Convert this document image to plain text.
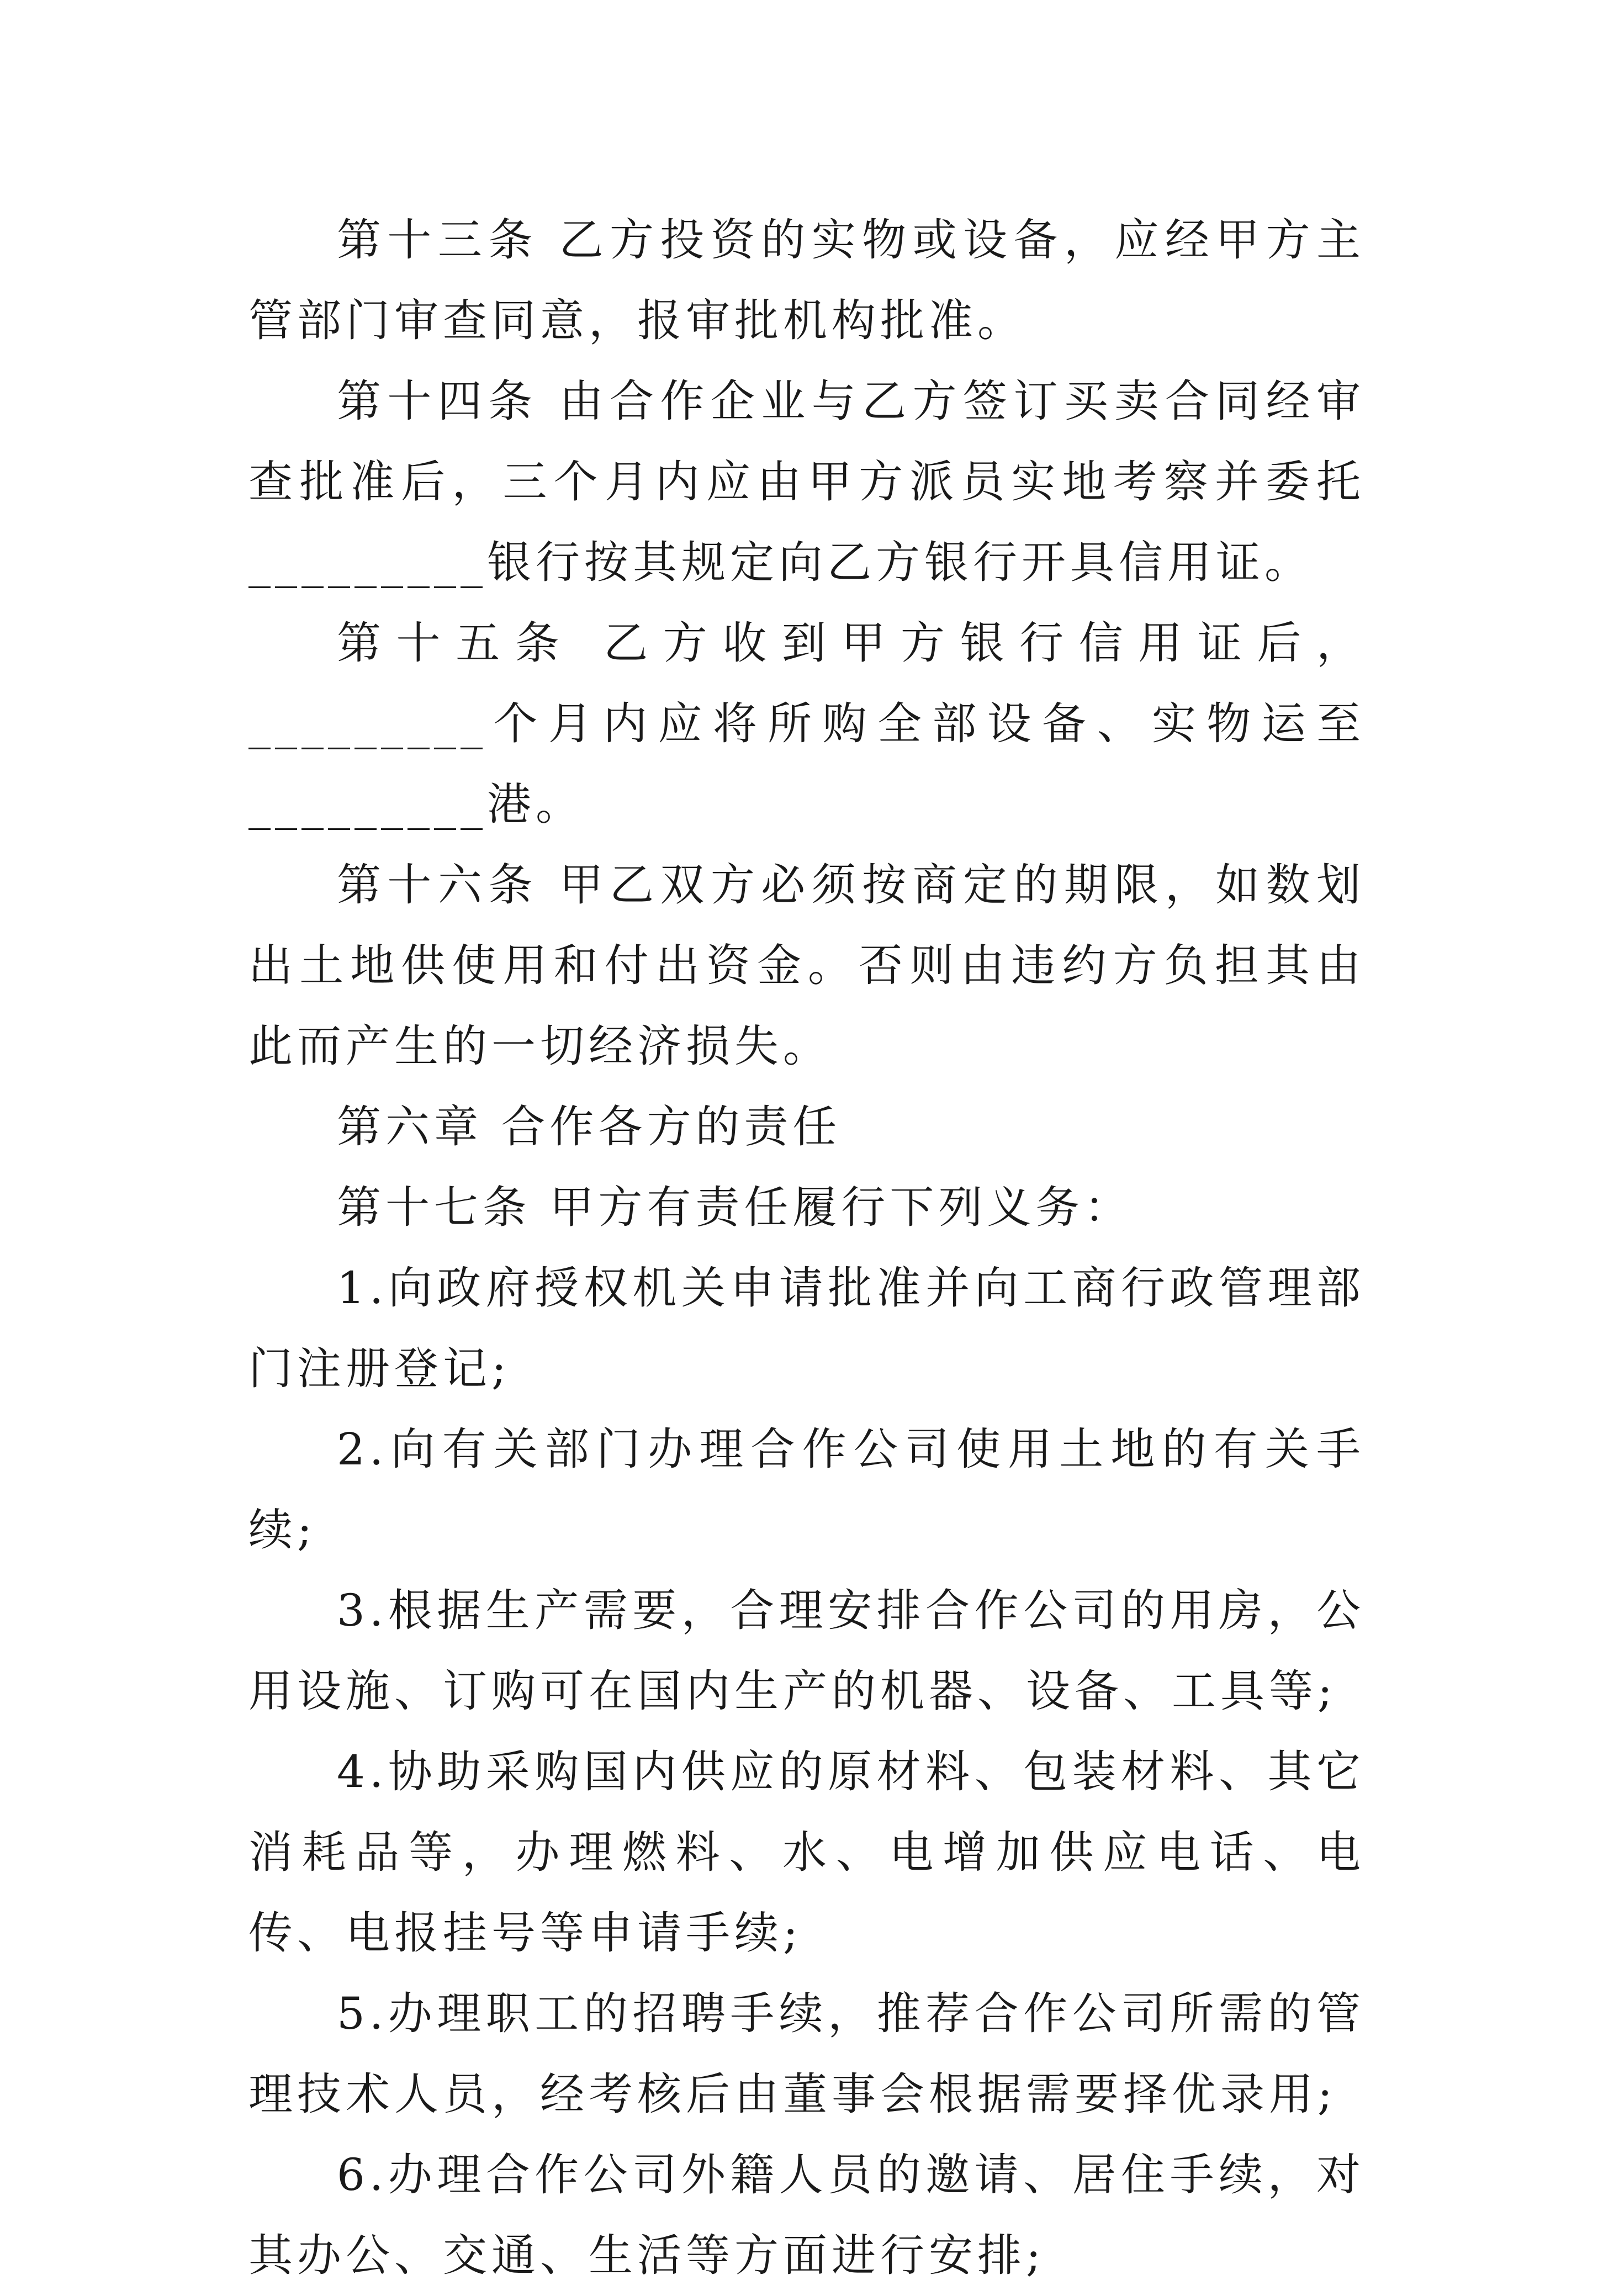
第十三条 乙方投资的实物或设备，应经甲方主管部门审查同意，报审批机构批准。

第十四条 由合作企业与乙方签订买卖合同经审查批准后，三个月内应由甲方派员实地考察并委托_________银行按其规定向乙方银行开具信用证。

第十五条 乙方收到甲方银行信用证后，_________个月内应将所购全部设备、实物运至_________港。

第十六条 甲乙双方必须按商定的期限，如数划出土地供使用和付出资金。否则由违约方负担其由此而产生的一切经济损失。

第六章 合作各方的责任

第十七条 甲方有责任履行下列义务：

1.向政府授权机关申请批准并向工商行政管理部门注册登记;

2.向有关部门办理合作公司使用土地的有关手续;

3.根据生产需要，合理安排合作公司的用房，公用设施、订购可在国内生产的机器、设备、工具等;

4.协助采购国内供应的原材料、包装材料、其它消耗品等，办理燃料、水、电增加供应电话、电传、电报挂号等申请手续;

5.办理职工的招聘手续，推荐合作公司所需的管理技术人员，经考核后由董事会根据需要择优录用;

6.办理合作公司外籍人员的邀请、居住手续，对其办公、交通、生活等方面进行安排;
